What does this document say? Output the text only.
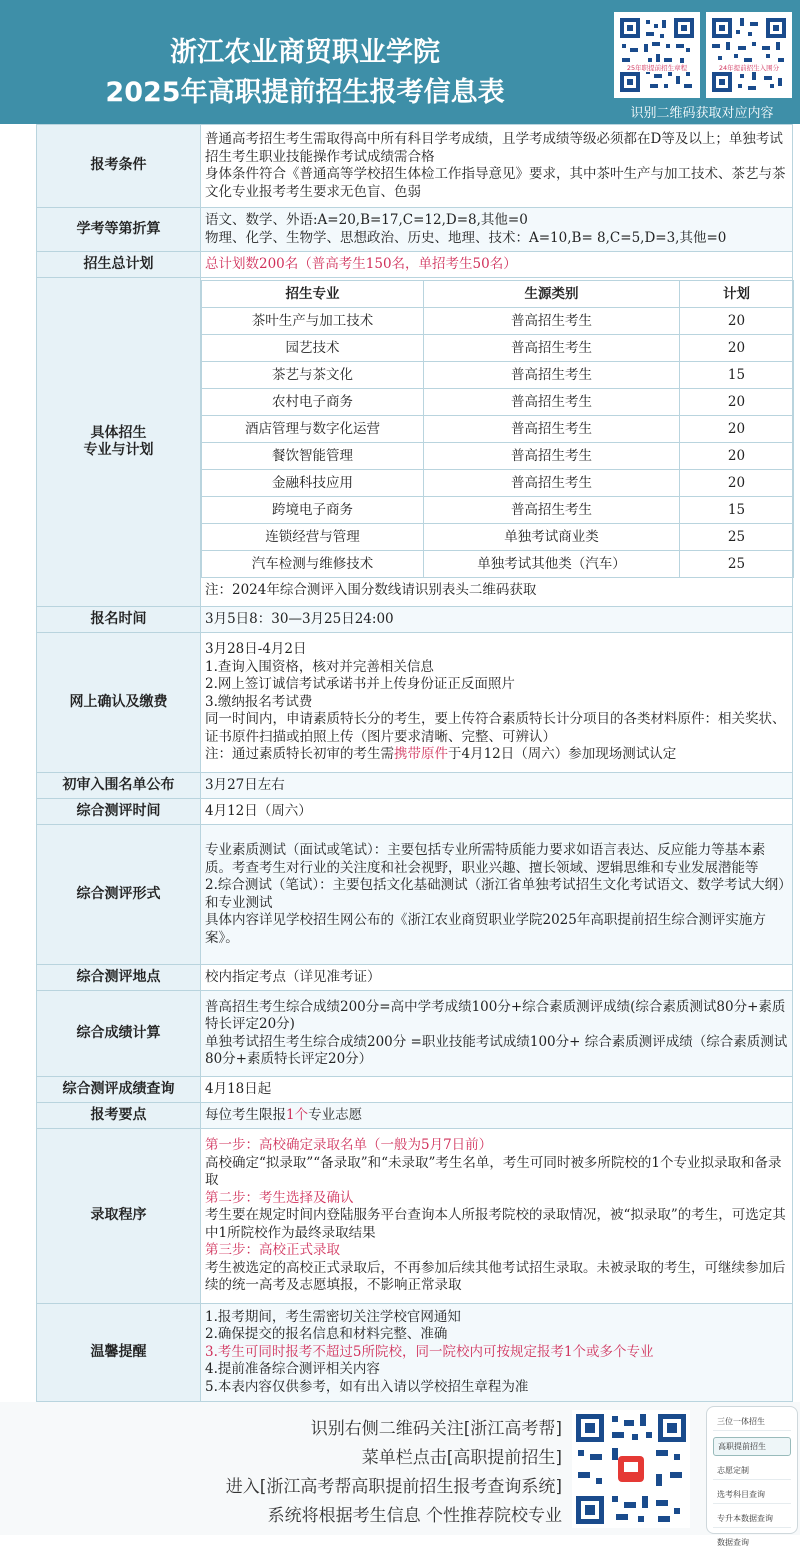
浙江农业商贸职业学院
2025年高职提前招生报考信息表
25年职提前招生章程	24年提前招生入围分
识别二维码获取对应内容
报考条件	
普通高考招生考生需取得高中所有科目学考成绩，且学考成绩等级必须都在D等及以上；单独考试招生考生职业技能操作考试成绩需合格
身体条件符合《普通高等学校招生体检工作指导意见》要求，其中茶叶生产与加工技术、茶艺与茶文化专业报考考生要求无色盲、色弱

学考等第折算	
语文、数学、外语:A=20,B=17,C=12,D=8,其他=0
物理、化学、生物学、思想政治、历史、地理、技术：A=10,B= 8,C=5,D=3,其他=0

招生总计划	总计划数200名（普高考生150名，单招考生50名）

具体招生
专业与计划

招生专业	生源类别	计划
茶叶生产与加工技术	普高招生考生	20
园艺技术	普高招生考生	20
茶艺与茶文化	普高招生考生	15
农村电子商务	普高招生考生	20
酒店管理与数字化运营	普高招生考生	20
餐饮智能管理	普高招生考生	20
金融科技应用	普高招生考生	20
跨境电子商务	普高招生考生	15
连锁经营与管理	单独考试商业类	25
汽车检测与维修技术	单独考试其他类（汽车）	25
注：2024年综合测评入围分数线请识别表头二维码获取

报名时间	3月5日8：30—3月25日24:00
网上确认及缴费	
3月28日-4月2日
1.查询入围资格，核对并完善相关信息
2.网上签订诚信考试承诺书并上传身份证正反面照片
3.缴纳报名考试费
同一时间内，申请素质特长分的考生，要上传符合素质特长计分项目的各类材料原件：相关奖状、证书原件扫描或拍照上传（图片要求清晰、完整、可辨认）
注：通过素质特长初审的考生需携带原件于4月12日（周六）参加现场测试认定

初审入围名单公布	3月27日左右
综合测评时间	4月12日（周六）
综合测评形式	
专业素质测试（面试或笔试）：主要包括专业所需特质能力要求如语言表达、反应能力等基本素质。考查考生对行业的关注度和社会视野，职业兴趣、擅长领域、逻辑思维和专业发展潜能等
2.综合测试（笔试）：主要包括文化基础测试（浙江省单独考试招生文化考试语文、数学考试大纲）和专业测试
具体内容详见学校招生网公布的《浙江农业商贸职业学院2025年高职提前招生综合测评实施方案》。

综合测评地点	校内指定考点（详见准考证）
综合成绩计算	
普高招生考生综合成绩200分=高中学考成绩100分+综合素质测评成绩(综合素质测试80分+素质特长评定20分)
单独考试招生考生综合成绩200分 =职业技能考试成绩100分+ 综合素质测评成绩（综合素质测试80分+素质特长评定20分）

综合测评成绩查询	4月18日起
报考要点	每位考生限报1个专业志愿
录取程序	
第一步：高校确定录取名单（一般为5月7日前）
高校确定“拟录取”“备录取”和“未录取”考生名单，考生可同时被多所院校的1个专业拟录取和备录取
第二步：考生选择及确认
考生要在规定时间内登陆服务平台查询本人所报考院校的录取情况，被“拟录取”的考生，可选定其中1所院校作为最终录取结果
第三步：高校正式录取
考生被选定的高校正式录取后，不再参加后续其他考试招生录取。未被录取的考生，可继续参加后续的统一高考及志愿填报，不影响正常录取

温馨提醒	
1.报考期间，考生需密切关注学校官网通知
2.确保提交的报名信息和材料完整、准确
3.考生可同时报考不超过5所院校，同一院校内可按规定报考1个或多个专业
4.提前准备综合测评相关内容
5.本表内容仅供参考，如有出入请以学校招生章程为准
识别右侧二维码关注[浙江高考帮]
菜单栏点击[高职提前招生]
进入[浙江高考帮高职提前招生报考查询系统]
系统将根据考生信息 个性推荐院校专业
三位一体招生
高职提前招生
志愿定制
选考科目查询
专升本数据查询
数据查询
